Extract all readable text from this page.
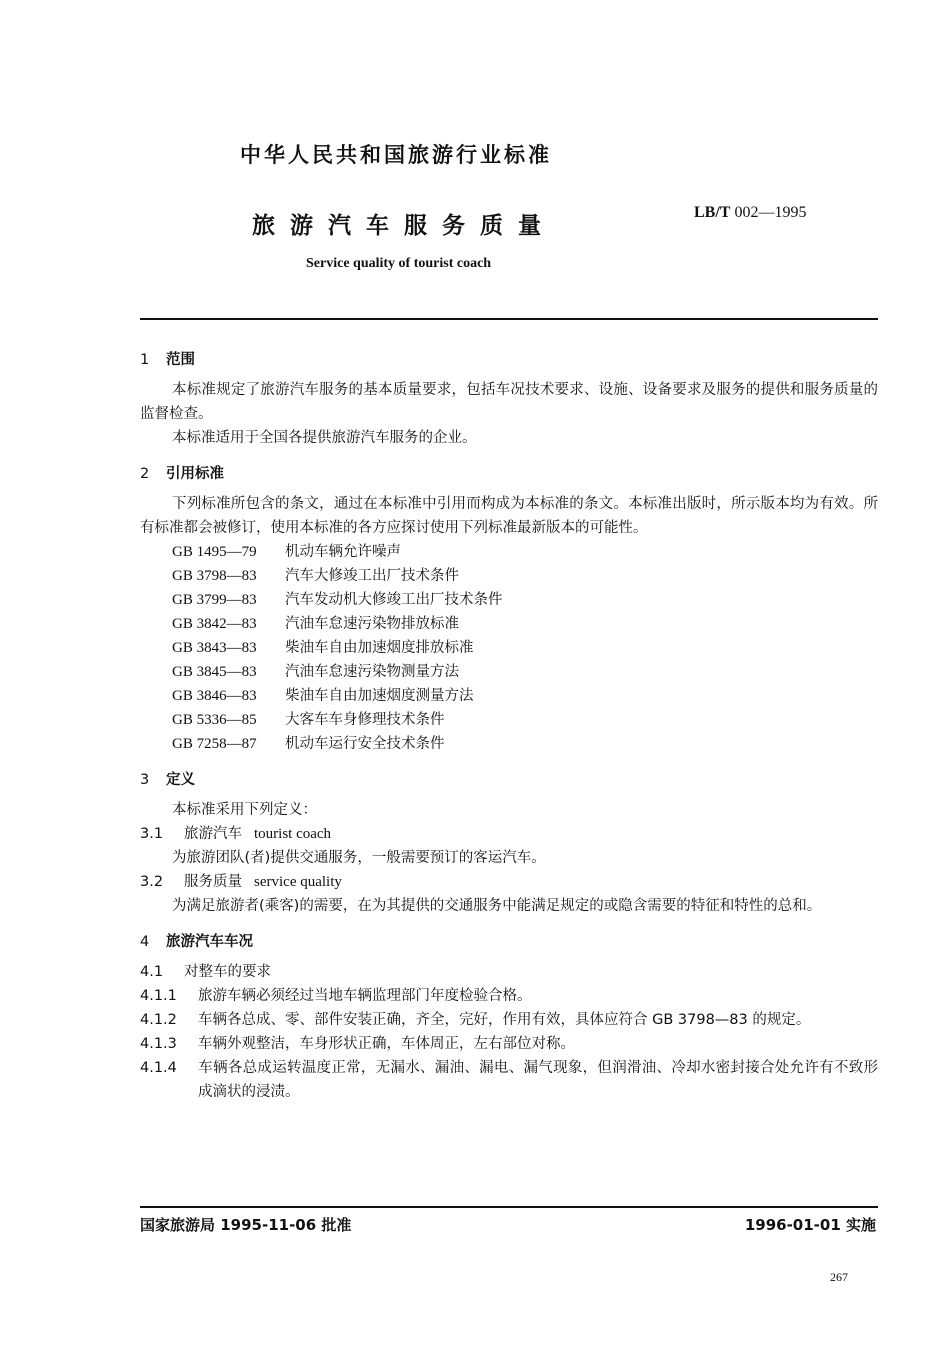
中华人民共和国旅游行业标准
旅游汽车服务质量
LB/T 002—1995
Service quality of tourist coach
1 范围
本标准规定了旅游汽车服务的基本质量要求，包括车况技术要求、设施、设备要求及服务的提供和服务质量的监督检查。
本标准适用于全国各提供旅游汽车服务的企业。
2 引用标准
下列标准所包含的条文，通过在本标准中引用而构成为本标准的条文。本标准出版时，所示版本均为有效。所有标准都会被修订，使用本标准的各方应探讨使用下列标准最新版本的可能性。
GB 1495—79 机动车辆允许噪声
GB 3798—83 汽车大修竣工出厂技术条件
GB 3799—83 汽车发动机大修竣工出厂技术条件
GB 3842—83 汽油车怠速污染物排放标准
GB 3843—83 柴油车自由加速烟度排放标准
GB 3845—83 汽油车怠速污染物测量方法
GB 3846—83 柴油车自由加速烟度测量方法
GB 5336—85 大客车车身修理技术条件
GB 7258—87 机动车运行安全技术条件
3 定义
本标准采用下列定义：
3.1 旅游汽车 tourist coach
为旅游团队(者)提供交通服务，一般需要预订的客运汽车。
3.2 服务质量 service quality
为满足旅游者(乘客)的需要，在为其提供的交通服务中能满足规定的或隐含需要的特征和特性的总和。
4 旅游汽车车况
4.1 对整车的要求
4.1.1 旅游车辆必须经过当地车辆监理部门年度检验合格。
4.1.2 车辆各总成、零、部件安装正确，齐全，完好，作用有效，具体应符合 GB 3798—83 的规定。
4.1.3 车辆外观整洁，车身形状正确，车体周正，左右部位对称。
4.1.4 车辆各总成运转温度正常，无漏水、漏油、漏电、漏气现象，但润滑油、冷却水密封接合处允许有不致形成滴状的浸渍。
国家旅游局 1995-11-06 批准	1996-01-01 实施
267
